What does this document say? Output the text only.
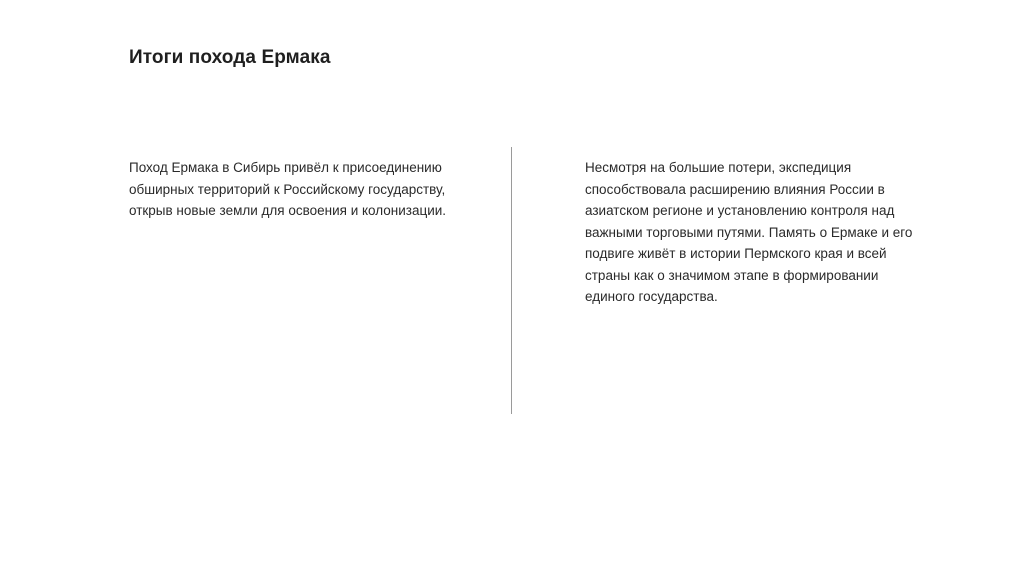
Итоги похода Ермака
Поход Ермака в Сибирь привёл к присоединению
обширных территорий к Российскому государству,
открыв новые земли для освоения и колонизации.
Несмотря на большие потери, экспедиция
способствовала расширению влияния России в
азиатском регионе и установлению контроля над
важными торговыми путями. Память о Ермаке и его
подвиге живёт в истории Пермского края и всей
страны как о значимом этапе в формировании
единого государства.
